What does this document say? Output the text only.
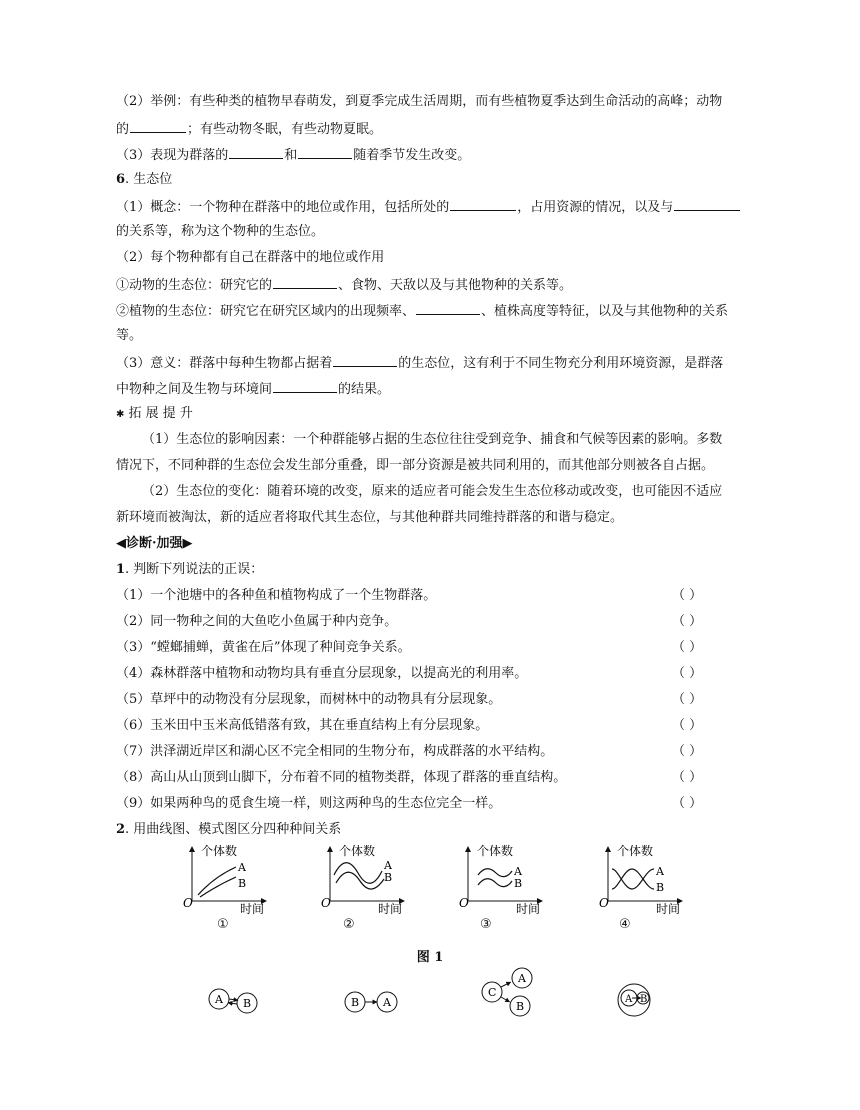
（2）举例：有些种类的植物早春萌发，到夏季完成生活周期，而有些植物夏季达到生命活动的高峰；动物
的	；有些动物冬眠，有些动物夏眠。
（3）表现为群落的	和	随着季节发生改变。
6. 生态位
（1）概念：一个物种在群落中的地位或作用，包括所处的	，占用资源的情况，以及与
的关系等，称为这个物种的生态位。
（2）每个物种都有自己在群落中的地位或作用
①动物的生态位：研究它的	、食物、天敌以及与其他物种的关系等。
②植物的生态位：研究它在研究区域内的出现频率、	、植株高度等特征，以及与其他物种的关系
等。
（3）意义：群落中每种生物都占据着	的生态位，这有利于不同生物充分利用环境资源，是群落
中物种之间及生物与环境间	的结果。
✱ 拓 展 提 升
（1）生态位的影响因素：一个种群能够占据的生态位往往受到竞争、捕食和气候等因素的影响。多数
情况下，不同种群的生态位会发生部分重叠，即一部分资源是被共同利用的，而其他部分则被各自占据。
（2）生态位的变化：随着环境的改变，原来的适应者可能会发生生态位移动或改变，也可能因不适应
新环境而被淘汰，新的适应者将取代其生态位，与其他种群共同维持群落的和谐与稳定。
◀诊断·加强▶
1. 判断下列说法的正误：
（1）一个池塘中的各种鱼和植物构成了一个生物群落。	（ ）
（2）同一物种之间的大鱼吃小鱼属于种内竞争。	（ ）
（3）“螳螂捕蝉，黄雀在后”体现了种间竞争关系。	（ ）
（4）森林群落中植物和动物均具有垂直分层现象，以提高光的利用率。	（ ）
（5）草坪中的动物没有分层现象，而树林中的动物具有分层现象。	（ ）
（6）玉米田中玉米高低错落有致，其在垂直结构上有分层现象。	（ ）
（7）洪泽湖近岸区和湖心区不完全相同的生物分布，构成群落的水平结构。	（ ）
（8）高山从山顶到山脚下，分布着不同的植物类群，体现了群落的垂直结构。	（ ）
（9）如果两种鸟的觅食生境一样，则这两种鸟的生态位完全一样。	（ ）
2. 用曲线图、模式图区分四种种间关系
O
个体数
时间
A
B
①
O
个体数
时间
A
B
②
O
个体数
时间
A
B
③
O
个体数
时间
A
B
④
图 1
A B	B A
C
A
B
A B
